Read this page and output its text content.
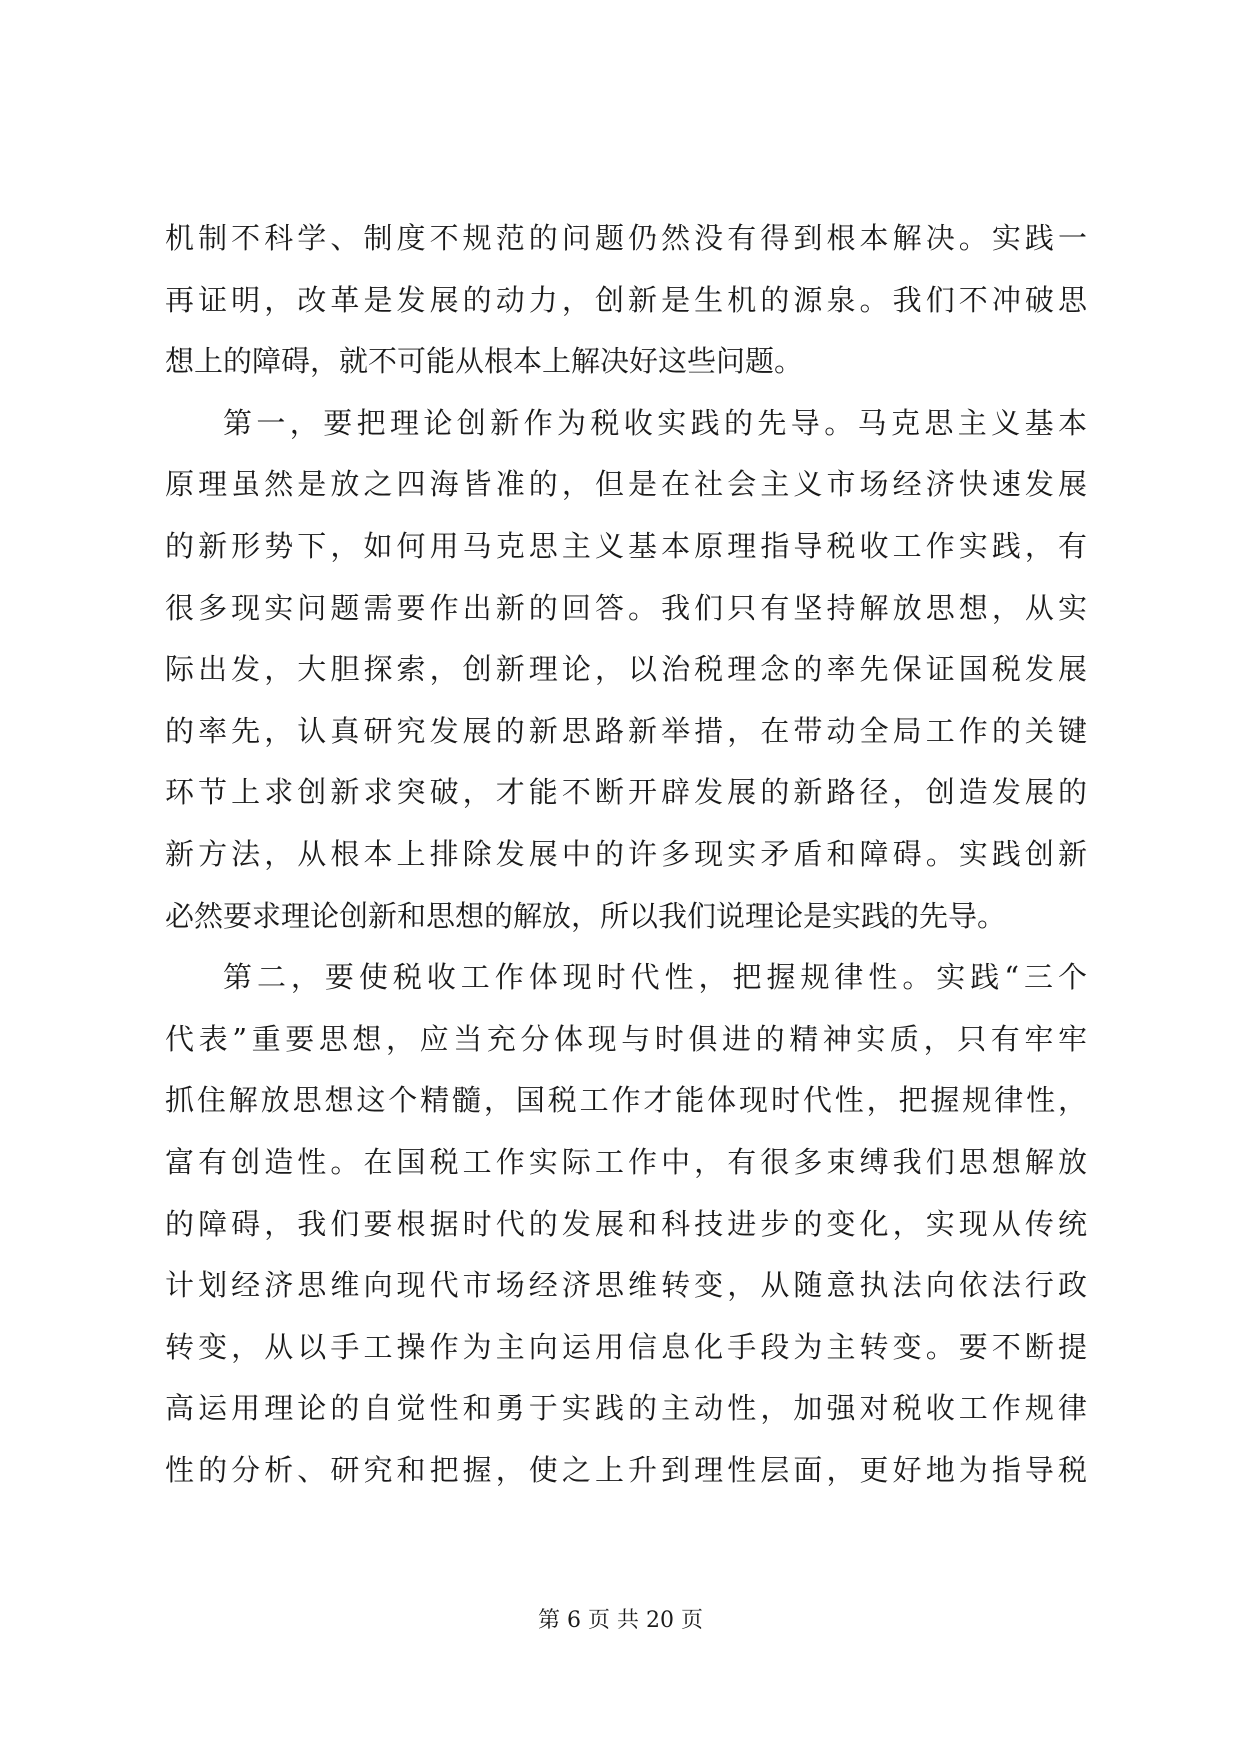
机制不科学、制度不规范的问题仍然没有得到根本解决。实践一
再证明，改革是发展的动力，创新是生机的源泉。我们不冲破思
想上的障碍，就不可能从根本上解决好这些问题。
第一，要把理论创新作为税收实践的先导。马克思主义基本
原理虽然是放之四海皆准的，但是在社会主义市场经济快速发展
的新形势下，如何用马克思主义基本原理指导税收工作实践，有
很多现实问题需要作出新的回答。我们只有坚持解放思想，从实
际出发，大胆探索，创新理论，以治税理念的率先保证国税发展
的率先，认真研究发展的新思路新举措，在带动全局工作的关键
环节上求创新求突破，才能不断开辟发展的新路径，创造发展的
新方法，从根本上排除发展中的许多现实矛盾和障碍。实践创新
必然要求理论创新和思想的解放，所以我们说理论是实践的先导。
第二，要使税收工作体现时代性，把握规律性。实践“三个
代表”重要思想，应当充分体现与时俱进的精神实质，只有牢牢
抓住解放思想这个精髓，国税工作才能体现时代性，把握规律性，
富有创造性。在国税工作实际工作中，有很多束缚我们思想解放
的障碍，我们要根据时代的发展和科技进步的变化，实现从传统
计划经济思维向现代市场经济思维转变，从随意执法向依法行政
转变，从以手工操作为主向运用信息化手段为主转变。要不断提
高运用理论的自觉性和勇于实践的主动性，加强对税收工作规律
性的分析、研究和把握，使之上升到理性层面，更好地为指导税
第 6 页 共 20 页
